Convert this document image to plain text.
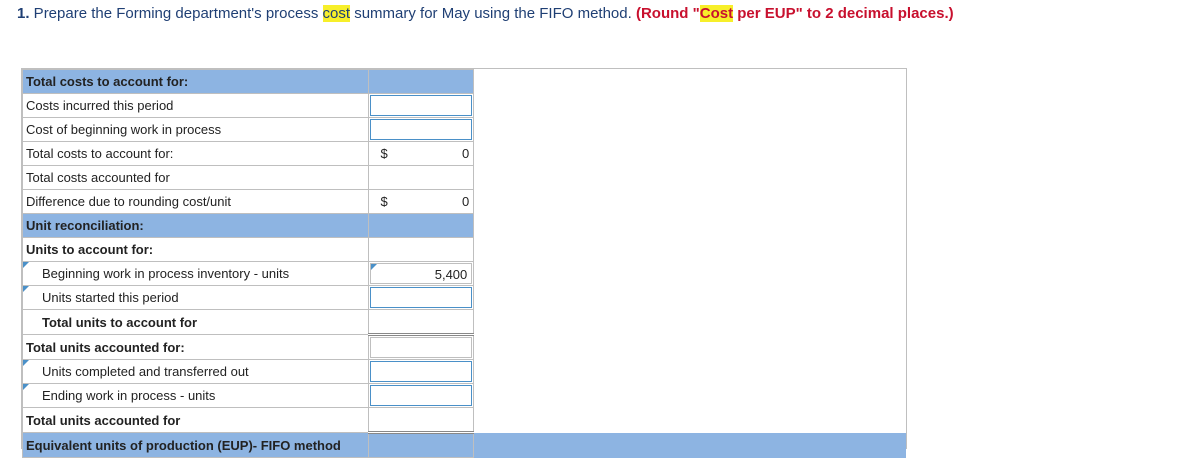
1. Prepare the Forming department's process cost summary for May using the FIFO method. (Round "Cost per EUP" to 2 decimal places.)
Total costs to account for:		
Costs incurred this period	

Cost of beginning work in process	

Total costs to account for:	$ 0	

Total costs accounted for		
Difference due to rounding cost/unit	$ 0	

Unit reconciliation:		
Units to account for:		

Beginning work in process inventory - units	5,400	

Units started this period	

Total units to account for		
Total units accounted for:	

Units completed and transferred out	

Ending work in process - units	

Total units accounted for		
Equivalent units of production (EUP)- FIFO method		
